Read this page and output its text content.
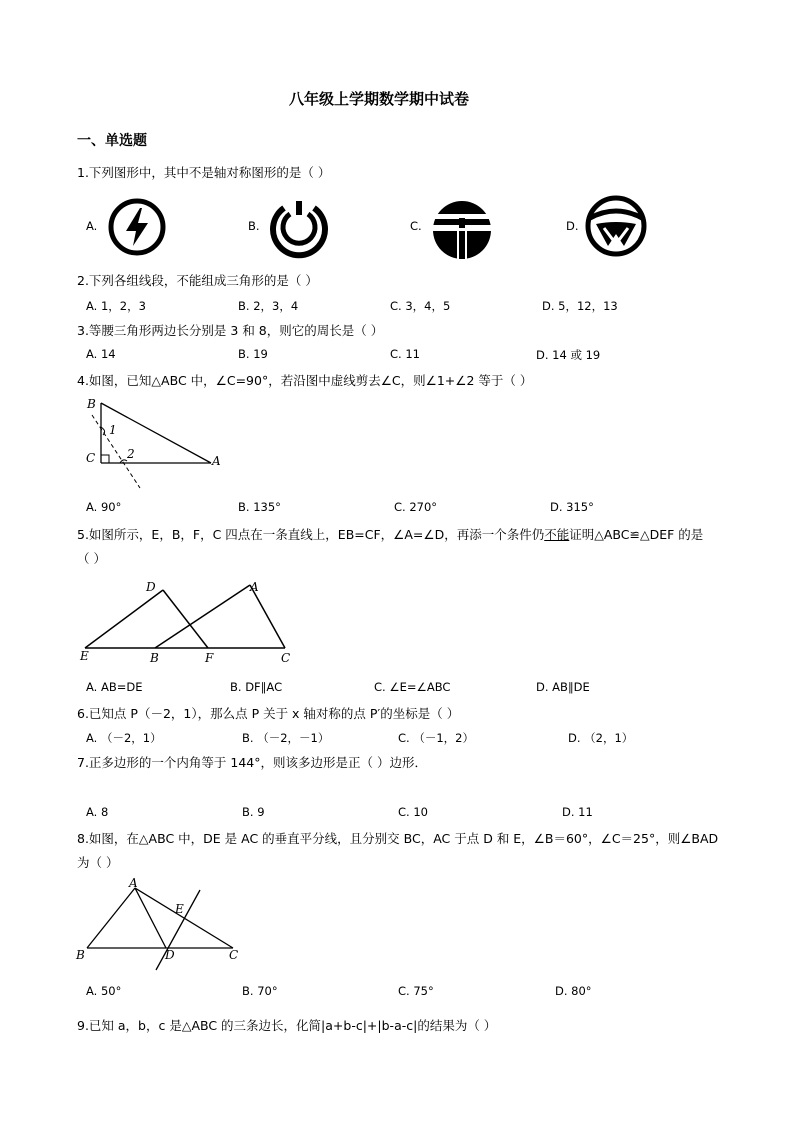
八年级上学期数学期中试卷
一、单选题
1.下列图形中，其中不是轴对称图形的是（ ）
A.	B.	C.	D.
2.下列各组线段，不能组成三角形的是（ ）
A. 1，2，3	B. 2，3，4	C. 3，4，5	D. 5，12，13
3.等腰三角形两边长分别是 3 和 8，则它的周长是（ ）
A. 14	B. 19	C. 11	D. 14 或 19
4.如图，已知△ABC 中，∠C=90°，若沿图中虚线剪去∠C，则∠1+∠2 等于（ ）
B
C	A
1
2
A. 90°	B. 135°	C. 270°	D. 315°
5.如图所示，E，B，F，C 四点在一条直线上，EB=CF，∠A=∠D，再添一个条件仍不能证明△ABC≌△DEF 的是
（ ）
D	A
E	B	F	C
A. AB=DE	B. DF∥AC	C. ∠E=∠ABC	D. AB∥DE
6.已知点 P（－2，1），那么点 P 关于 x 轴对称的点 P′的坐标是（ ）
A. （－2，1）	B. （－2，－1）	C. （－1，2）	D. （2，1）
7.正多边形的一个内角等于 144°，则该多边形是正（ ）边形．
A. 8	B. 9	C. 10	D. 11
8.如图，在△ABC 中，DE 是 AC 的垂直平分线，且分别交 BC，AC 于点 D 和 E，∠B＝60°，∠C＝25°，则∠BAD
为（ ）
A
E
B	D	C
A. 50°	B. 70°	C. 75°	D. 80°
9.已知 a，b，c 是△ABC 的三条边长，化简|a+b-c|+|b-a-c|的结果为（ ）
